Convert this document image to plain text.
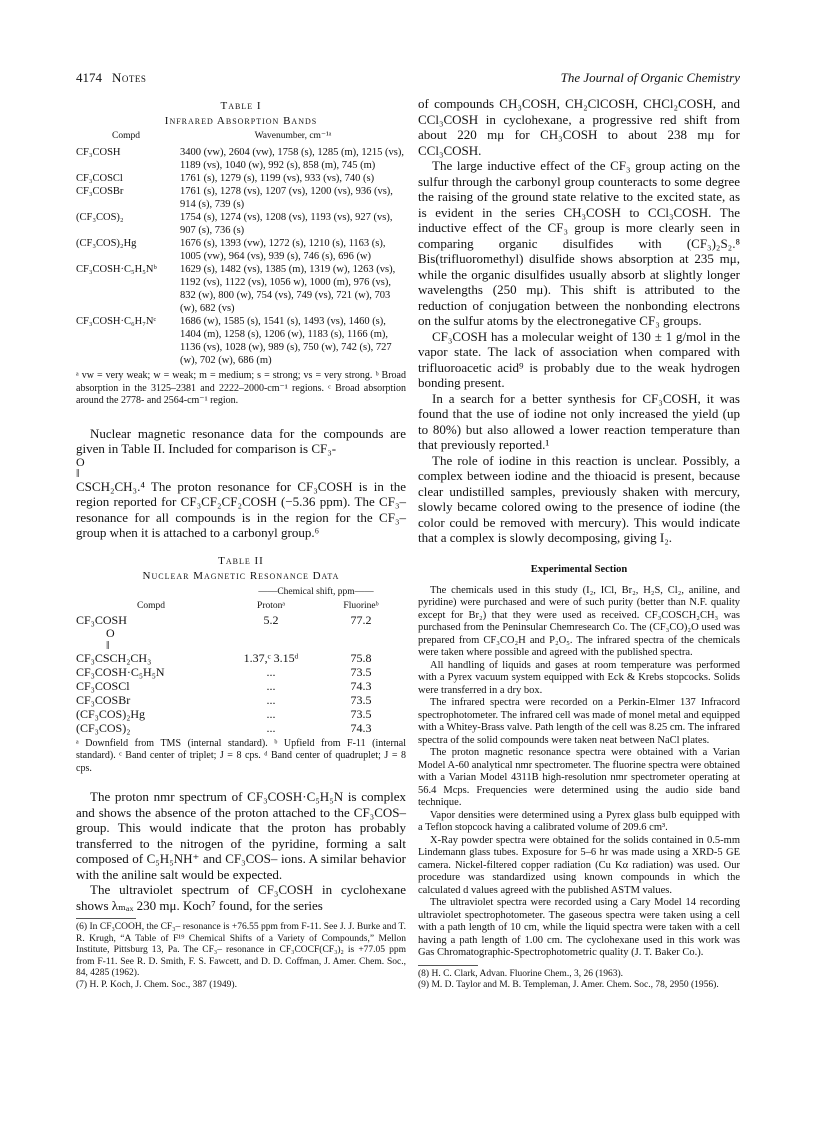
4174 Notes	The Journal of Organic Chemistry
Table I
Infrared Absorption Bands
Compd	Wavenumber, cm⁻¹ᵃ
CF₃COSH	3400 (vw), 2604 (vw), 1758 (s), 1285 (m), 1215 (vs), 1189 (vs), 1040 (w), 992 (s), 858 (m), 745 (m)
CF₃COSCl	1761 (s), 1279 (s), 1199 (vs), 933 (vs), 740 (s)
CF₃COSBr	1761 (s), 1278 (vs), 1207 (vs), 1200 (vs), 936 (vs), 914 (s), 739 (s)
(CF₃COS)₂	1754 (s), 1274 (vs), 1208 (vs), 1193 (vs), 927 (vs), 907 (s), 736 (s)
(CF₃COS)₂Hg	1676 (s), 1393 (vw), 1272 (s), 1210 (s), 1163 (s), 1005 (vw), 964 (vs), 939 (s), 746 (s), 696 (w)
CF₃COSH·C₅H₅Nᵇ	1629 (s), 1482 (vs), 1385 (m), 1319 (w), 1263 (vs), 1192 (vs), 1122 (vs), 1056 w), 1000 (m), 976 (vs), 832 (w), 800 (w), 754 (vs), 749 (vs), 721 (w), 703 (w), 682 (vs)
CF₃COSH·C₆H₇Nᶜ	1686 (w), 1585 (s), 1541 (s), 1493 (vs), 1460 (s), 1404 (m), 1258 (s), 1206 (w), 1183 (s), 1166 (m), 1136 (vs), 1028 (w), 989 (s), 750 (w), 742 (s), 727 (w), 702 (w), 686 (m)
ᵃ vw = very weak; w = weak; m = medium; s = strong; vs = very strong. ᵇ Broad absorption in the 3125–2381 and 2222–2000-cm⁻¹ regions. ᶜ Broad absorption around the 2778- and 2564-cm⁻¹ region.

Nuclear magnetic resonance data for the compounds are given in Table II. Included for comparison is CF₃-

O
‖

CSCH₂CH₃.⁴ The proton resonance for CF₃COSH is in the region reported for CF₃CF₂CF₂COSH (−5.36 ppm). The CF₃– resonance for all compounds is in the region for the CF₃– group when it is attached to a carbonyl group.⁶

Table II
Nuclear Magnetic Resonance Data
	——Chemical shift, ppm——	
Compd	Protonᵃ	Fluorineᵇ
CF₃COSH	5.2	77.2
O
‖		
CF₃CSCH₂CH₃	1.37,ᶜ 3.15ᵈ	75.8
CF₃COSH·C₅H₅N	...	73.5
CF₃COSCl	...	74.3
CF₃COSBr	...	73.5
(CF₃COS)₂Hg	...	73.5
(CF₃COS)₂	...	74.3
ᵃ Downfield from TMS (internal standard). ᵇ Upfield from F-11 (internal standard). ᶜ Band center of triplet; J = 8 cps. ᵈ Band center of quadruplet; J = 8 cps.

The proton nmr spectrum of CF₃COSH·C₅H₅N is complex and shows the absence of the proton attached to the CF₃COS– group. This would indicate that the proton has probably transferred to the nitrogen of the pyridine, forming a salt composed of C₅H₅NH⁺ and CF₃COS– ions. A similar behavior with the aniline salt would be expected.

The ultraviolet spectrum of CF₃COSH in cyclohexane shows λₘₐₓ 230 mμ. Koch⁷ found, for the series

(6) In CF₃COOH, the CF₃– resonance is +76.55 ppm from F-11. See J. J. Burke and T. R. Krugh, “A Table of F¹⁹ Chemical Shifts of a Variety of Compounds,” Mellon Institute, Pittsburg 13, Pa. The CF₃– resonance in CF₃COCF(CF₃)₂ is +77.05 ppm from F-11. See R. D. Smith, F. S. Fawcett, and D. D. Coffman, J. Amer. Chem. Soc., 84, 4285 (1962).

(7) H. P. Koch, J. Chem. Soc., 387 (1949).

of compounds CH₃COSH, CH₂ClCOSH, CHCl₂COSH, and CCl₃COSH in cyclohexane, a progressive red shift from about 220 mμ for CH₃COSH to about 238 mμ for CCl₃COSH.

The large inductive effect of the CF₃ group acting on the sulfur through the carbonyl group counteracts to some degree the raising of the ground state relative to the excited state, as is evident in the series CH₃COSH to CCl₃COSH. The inductive effect of the CF₃ group is more clearly seen in comparing organic disulfides with (CF₃)₂S₂.⁸ Bis(trifluoromethyl) disulfide shows absorption at 235 mμ, while the organic disulfides usually absorb at slightly longer wavelengths (250 mμ). This shift is attributed to the reduction of conjugation between the nonbonding electrons on the sulfur atoms by the electronegative CF₃ groups.

CF₃COSH has a molecular weight of 130 ± 1 g/mol in the vapor state. The lack of association when compared with trifluoroacetic acid⁹ is probably due to the weak hydrogen bonding present.

In a search for a better synthesis for CF₃COSH, it was found that the use of iodine not only increased the yield (up to 80%) but also allowed a lower reaction temperature than that previously reported.¹

The role of iodine in this reaction is unclear. Possibly, a complex between iodine and the thioacid is present, because clear undistilled samples, previously shaken with mercury, slowly became colored owing to the presence of iodine (the color could be removed with mercury). This would indicate that a complex is slowly decomposing, giving I₂.

Experimental Section

The chemicals used in this study (I₂, ICl, Br₂, H₂S, Cl₂, aniline, and pyridine) were purchased and were of such purity (better than N.F. quality except for Br₂) that they were used as received. CF₃COSCH₂CH₃ was purchased from the Peninsular Chemresearch Co. The (CF₃CO)₂O used was prepared from CF₃CO₂H and P₂O₅. The infrared spectra of the chemicals were taken where possible and agreed with the published spectra.

All handling of liquids and gases at room temperature was performed with a Pyrex vacuum system equipped with Eck & Krebs stopcocks. Solids were transferred in a dry box.

The infrared spectra were recorded on a Perkin-Elmer 137 Infracord spectrophotometer. The infrared cell was made of monel metal and equipped with a Whitey-Brass valve. Path length of the cell was 8.25 cm. The infrared spectra of the solid compounds were taken neat between NaCl plates.

The proton magnetic resonance spectra were obtained with a Varian Model A-60 analytical nmr spectrometer. The fluorine spectra were obtained with a Varian Model 4311B high-resolution nmr spectrometer operating at 56.4 Mcps. Frequencies were determined using the audio side band technique.

Vapor densities were determined using a Pyrex glass bulb equipped with a Teflon stopcock having a calibrated volume of 209.6 cm³.

X-Ray powder spectra were obtained for the solids contained in 0.5-mm Lindemann glass tubes. Exposure for 5–6 hr was made using a XRD-5 GE camera. Nickel-filtered copper radiation (Cu Kα radiation) was used. Our procedure was standardized using known compounds in which the calculated d values agreed with the published ASTM values.

The ultraviolet spectra were recorded using a Cary Model 14 recording ultraviolet spectrophotometer. The gaseous spectra were taken using a cell with a path length of 10 cm, while the liquid spectra were taken with a cell having a path length of 1.00 cm. The cyclohexane used in this work was Gas Chromatographic-Spectrophotometric quality (J. T. Baker Co.).

(8) H. C. Clark, Advan. Fluorine Chem., 3, 26 (1963).

(9) M. D. Taylor and M. B. Templeman, J. Amer. Chem. Soc., 78, 2950 (1956).
